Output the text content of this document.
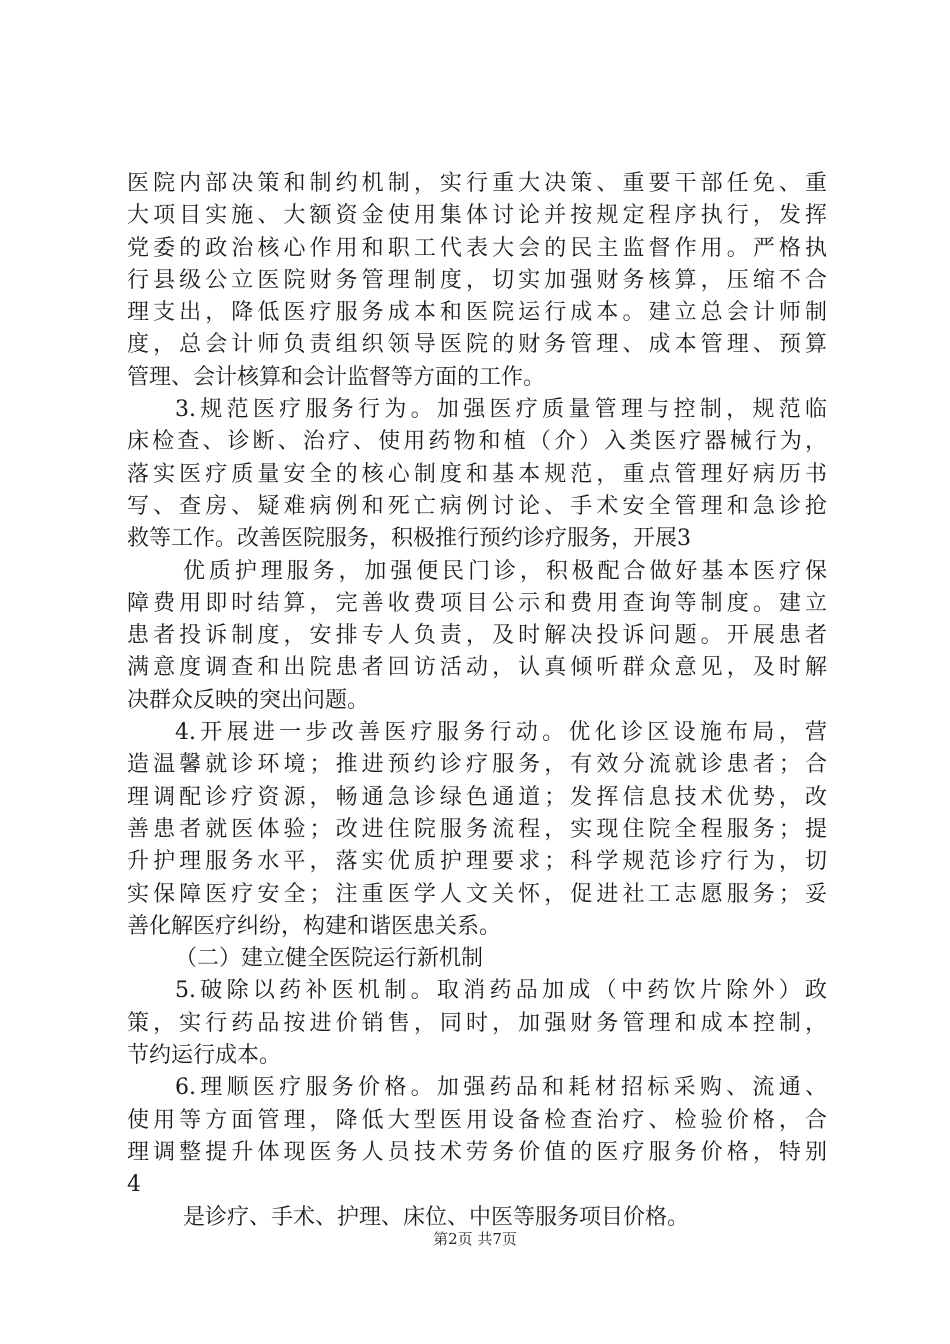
医院内部决策和制约机制，实行重大决策、重要干部任免、重
大项目实施、大额资金使用集体讨论并按规定程序执行，发挥
党委的政治核心作用和职工代表大会的民主监督作用。严格执
行县级公立医院财务管理制度，切实加强财务核算，压缩不合
理支出，降低医疗服务成本和医院运行成本。建立总会计师制
度，总会计师负责组织领导医院的财务管理、成本管理、预算
管理、会计核算和会计监督等方面的工作。
3.规范医疗服务行为。加强医疗质量管理与控制，规范临
床检查、诊断、治疗、使用药物和植（介）入类医疗器械行为，
落实医疗质量安全的核心制度和基本规范，重点管理好病历书
写、查房、疑难病例和死亡病例讨论、手术安全管理和急诊抢
救等工作。改善医院服务，积极推行预约诊疗服务，开展3
优质护理服务，加强便民门诊，积极配合做好基本医疗保
障费用即时结算，完善收费项目公示和费用查询等制度。建立
患者投诉制度，安排专人负责，及时解决投诉问题。开展患者
满意度调查和出院患者回访活动，认真倾听群众意见，及时解
决群众反映的突出问题。
4.开展进一步改善医疗服务行动。优化诊区设施布局，营
造温馨就诊环境；推进预约诊疗服务，有效分流就诊患者；合
理调配诊疗资源，畅通急诊绿色通道；发挥信息技术优势，改
善患者就医体验；改进住院服务流程，实现住院全程服务；提
升护理服务水平，落实优质护理要求；科学规范诊疗行为，切
实保障医疗安全；注重医学人文关怀，促进社工志愿服务；妥
善化解医疗纠纷，构建和谐医患关系。
（二）建立健全医院运行新机制
5.破除以药补医机制。取消药品加成（中药饮片除外）政
策，实行药品按进价销售，同时，加强财务管理和成本控制，
节约运行成本。
6.理顺医疗服务价格。加强药品和耗材招标采购、流通、
使用等方面管理，降低大型医用设备检查治疗、检验价格，合
理调整提升体现医务人员技术劳务价值的医疗服务价格，特别
4
是诊疗、手术、护理、床位、中医等服务项目价格。
第2页 共7页
